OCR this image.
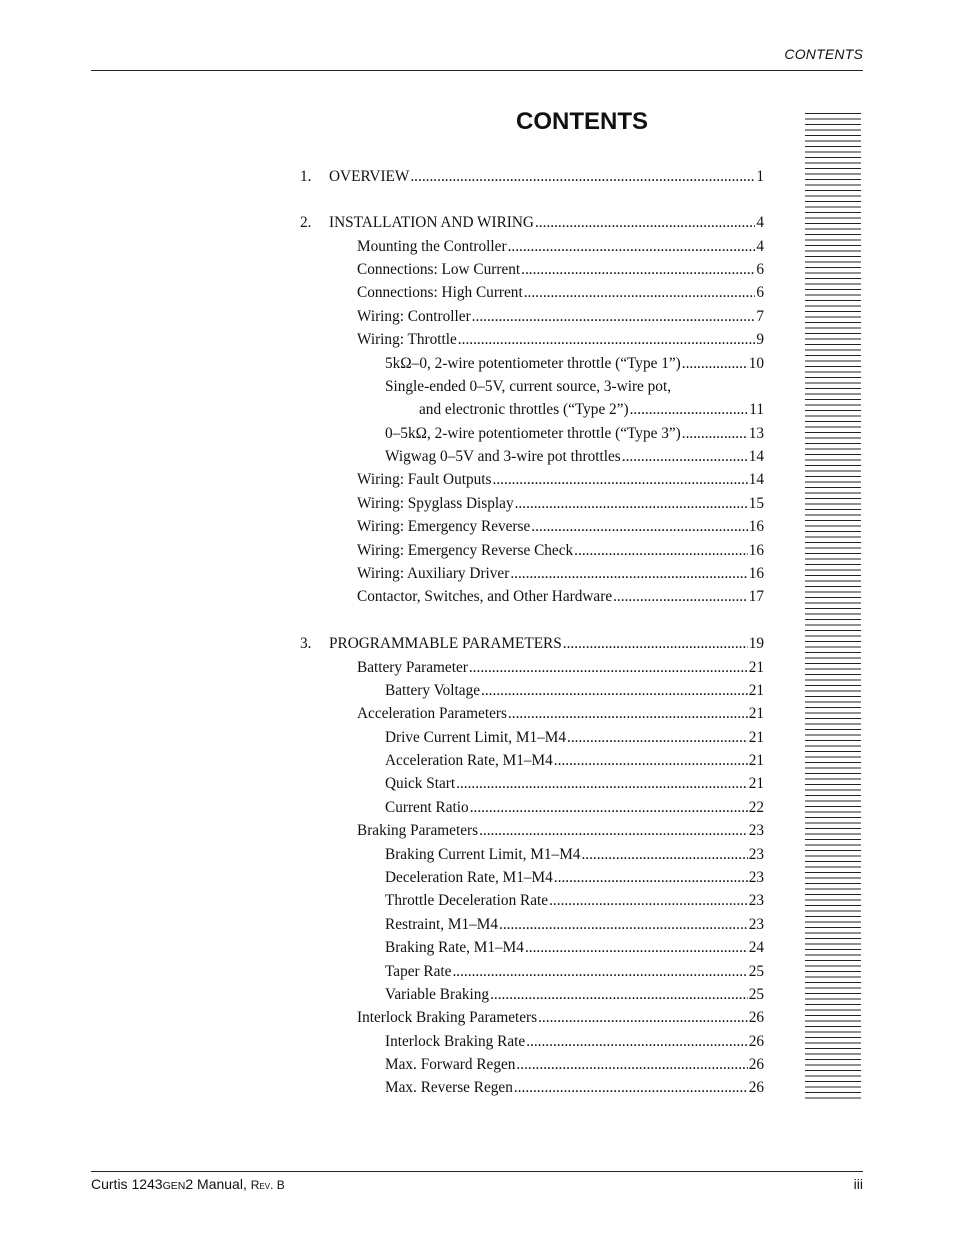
CONTENTS
CONTENTS
1. OVERVIEW .....	1
2. INSTALLATION AND WIRING .....	4
Mounting the Controller .....	4
Connections: Low Current .....	6
Connections: High Current .....	6
Wiring: Controller .....	7
Wiring: Throttle .....	9
5kΩ–0, 2-wire potentiometer throttle (“Type 1”) .....	10
Single-ended 0–5V, current source, 3-wire pot,
and electronic throttles (“Type 2”) .....	11
0–5kΩ, 2-wire potentiometer throttle (“Type 3”) .....	13
Wigwag 0–5V and 3-wire pot throttles .....	14
Wiring: Fault Outputs .....	14
Wiring: Spyglass Display .....	15
Wiring: Emergency Reverse .....	16
Wiring: Emergency Reverse Check .....	16
Wiring: Auxiliary Driver .....	16
Contactor, Switches, and Other Hardware .....	17
3. PROGRAMMABLE PARAMETERS .....	19
Battery Parameter .....	21
Battery Voltage .....	21
Acceleration Parameters .....	21
Drive Current Limit, M1–M4 .....	21
Acceleration Rate, M1–M4 .....	21
Quick Start .....	21
Current Ratio .....	22
Braking Parameters .....	23
Braking Current Limit, M1–M4 .....	23
Deceleration Rate, M1–M4 .....	23
Throttle Deceleration Rate .....	23
Restraint, M1–M4 .....	23
Braking Rate, M1–M4 .....	24
Taper Rate .....	25
Variable Braking .....	25
Interlock Braking Parameters .....	26
Interlock Braking Rate .....	26
Max. Forward Regen .....	26
Max. Reverse Regen .....	26
Curtis 1243GEN2 Manual, Rev. B	iii
